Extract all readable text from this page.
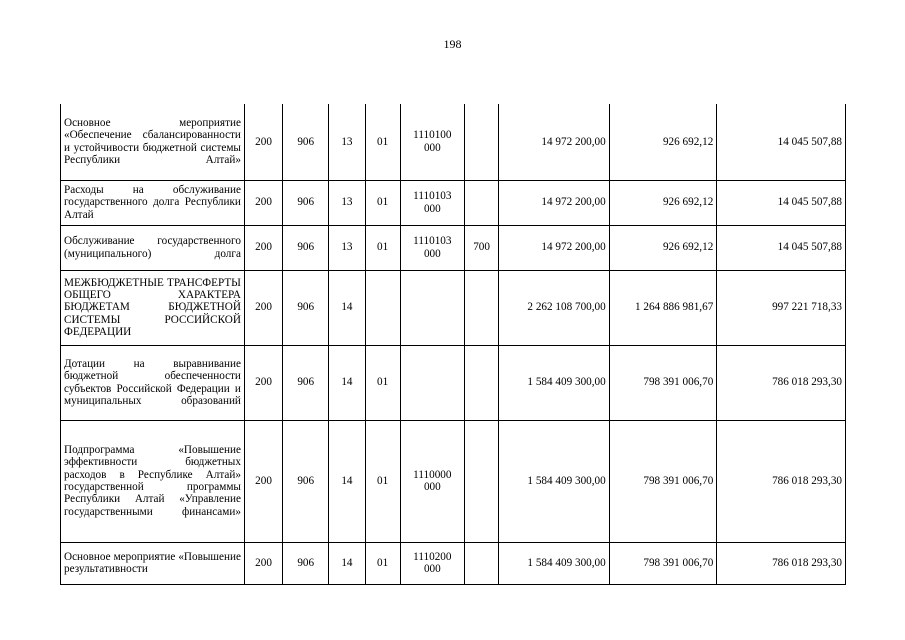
198
Основное мероприятие «Обеспечение сбалансированности и устойчивости бюджетной системы Республики Алтай»	200	906	13	01	1110100 000		14 972 200,00	926 692,12	14 045 507,88
Расходы на обслуживание государственного долга Республики Алтай	200	906	13	01	1110103 000		14 972 200,00	926 692,12	14 045 507,88
Обслуживание государственного (муниципального) долга	200	906	13	01	1110103 000	700	14 972 200,00	926 692,12	14 045 507,88
МЕЖБЮДЖЕТНЫЕ ТРАНСФЕРТЫ ОБЩЕГО ХАРАКТЕРА БЮДЖЕТАМ БЮДЖЕТНОЙ СИСТЕМЫ РОССИЙСКОЙ ФЕДЕРАЦИИ	200	906	14				2 262 108 700,00	1 264 886 981,67	997 221 718,33
Дотации на выравнивание бюджетной обеспеченности субъектов Российской Федерации и муниципальных образований	200	906	14	01			1 584 409 300,00	798 391 006,70	786 018 293,30
Подпрограмма «Повышение эффективности бюджетных расходов в Республике Алтай» государственной программы Республики Алтай «Управление государственными финансами»	200	906	14	01	1110000 000		1 584 409 300,00	798 391 006,70	786 018 293,30
Основное мероприятие «Повышение результативности	200	906	14	01	1110200 000		1 584 409 300,00	798 391 006,70	786 018 293,30
